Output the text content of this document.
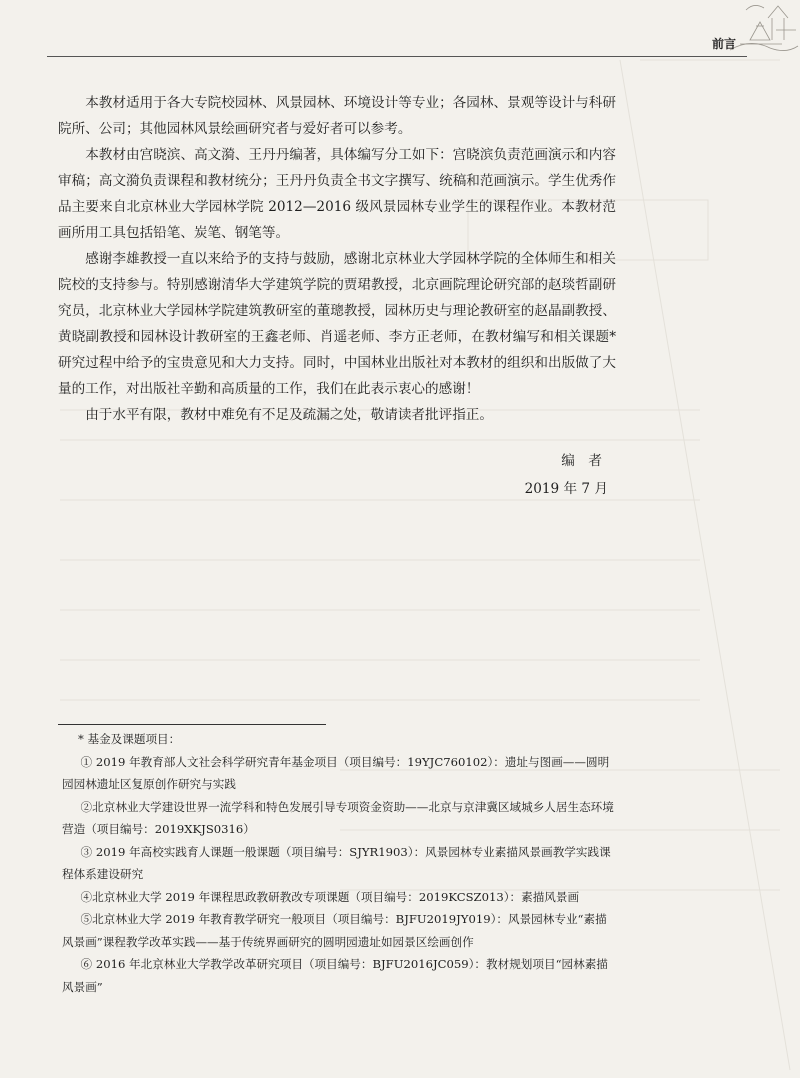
前言

本教材适用于各大专院校园林、风景园林、环境设计等专业；各园林、景观等设计与科研院所、公司；其他园林风景绘画研究者与爱好者可以参考。

本教材由宫晓滨、高文漪、王丹丹编著，具体编写分工如下：宫晓滨负责范画演示和内容审稿；高文漪负责课程和教材统分；王丹丹负责全书文字撰写、统稿和范画演示。学生优秀作品主要来自北京林业大学园林学院 2012—2016 级风景园林专业学生的课程作业。本教材范画所用工具包括铅笔、炭笔、钢笔等。

感谢李雄教授一直以来给予的支持与鼓励，感谢北京林业大学园林学院的全体师生和相关院校的支持参与。特别感谢清华大学建筑学院的贾珺教授，北京画院理论研究部的赵琰哲副研究员，北京林业大学园林学院建筑教研室的董璁教授，园林历史与理论教研室的赵晶副教授、黄晓副教授和园林设计教研室的王鑫老师、肖遥老师、李方正老师，在教材编写和相关课题*研究过程中给予的宝贵意见和大力支持。同时，中国林业出版社对本教材的组织和出版做了大量的工作，对出版社辛勤和高质量的工作，我们在此表示衷心的感谢！

由于水平有限，教材中难免有不足及疏漏之处，敬请读者批评指正。

编　者
2019 年 7 月

* 基金及课题项目：

① 2019 年教育部人文社会科学研究青年基金项目（项目编号：19YJC760102）：遗址与图画——圆明园园林遗址区复原创作研究与实践

②北京林业大学建设世界一流学科和特色发展引导专项资金资助——北京与京津冀区域城乡人居生态环境营造（项目编号：2019XKJS0316）

③ 2019 年高校实践育人课题一般课题（项目编号：SJYR1903）：风景园林专业素描风景画教学实践课程体系建设研究

④北京林业大学 2019 年课程思政教研教改专项课题（项目编号：2019KCSZ013）：素描风景画

⑤北京林业大学 2019 年教育教学研究一般项目（项目编号：BJFU2019JY019）：风景园林专业“素描风景画”课程教学改革实践——基于传统界画研究的圆明园遗址如园景区绘画创作

⑥ 2016 年北京林业大学教学改革研究项目（项目编号：BJFU2016JC059）：教材规划项目“园林素描风景画”
